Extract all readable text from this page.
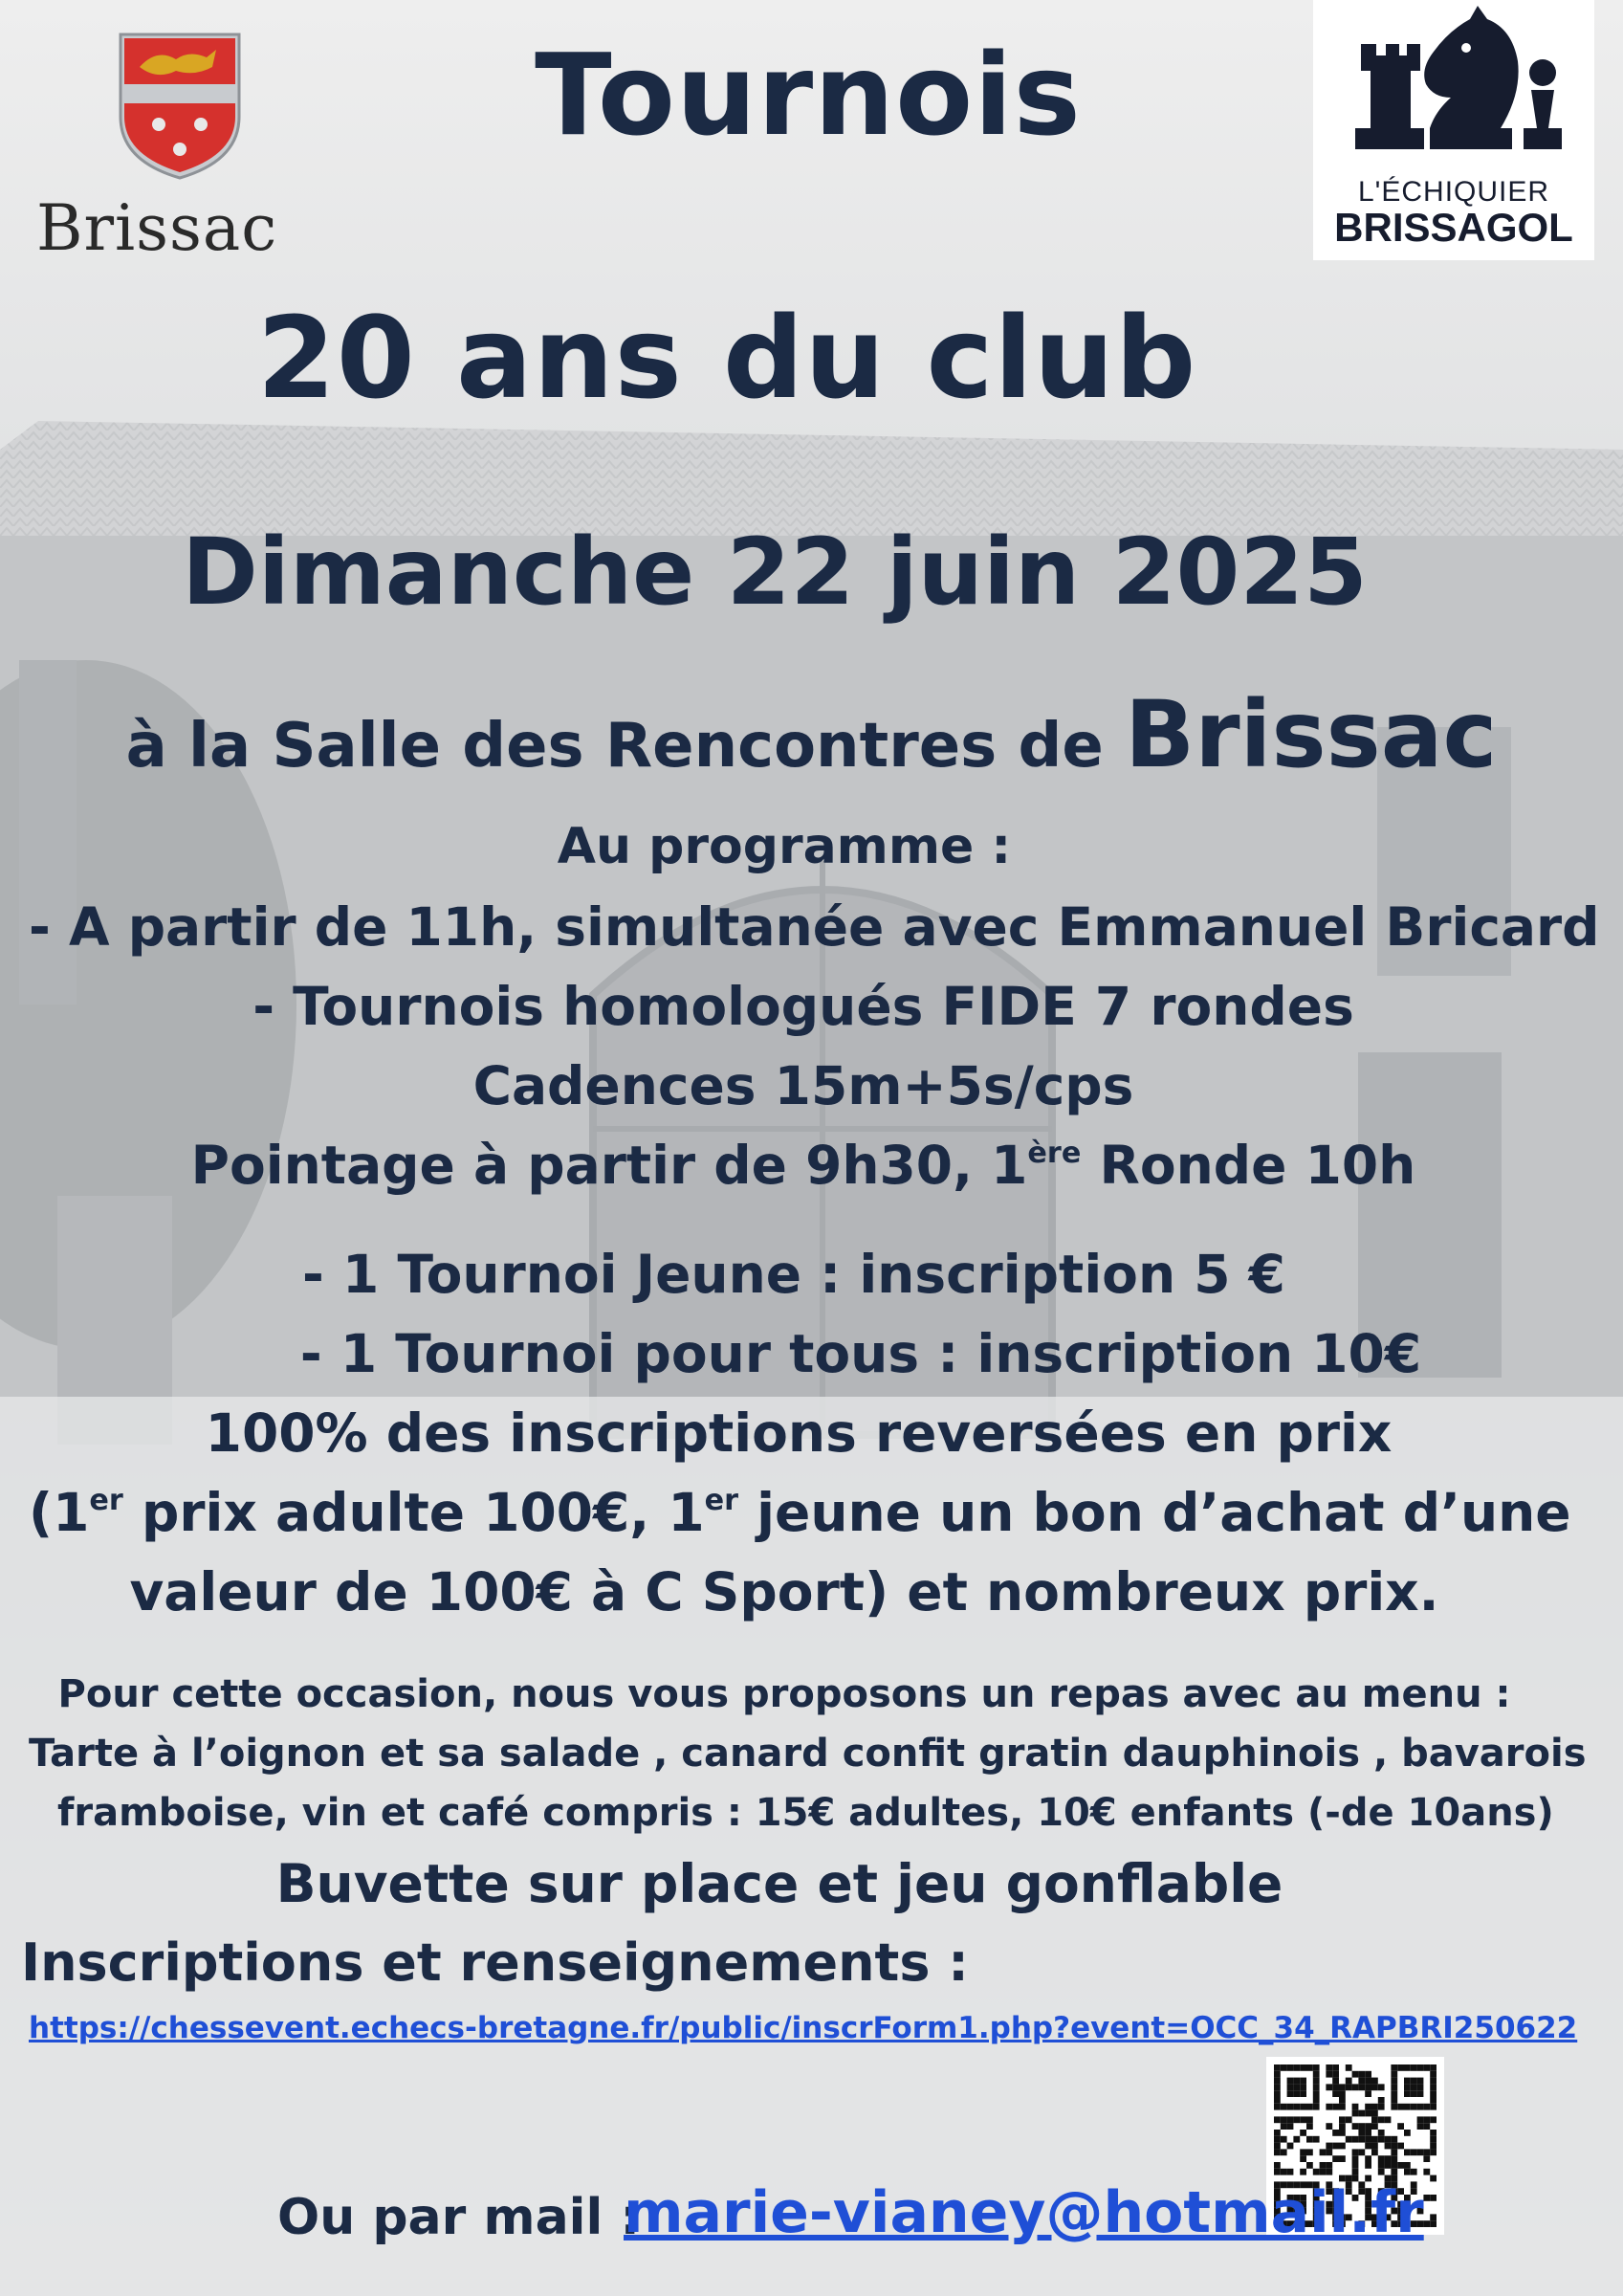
Brissac	L'ÉCHIQUIER
BRISSAGOL
Tournois
20 ans du club
Dimanche 22 juin 2025
à la Salle des Rencontres de Brissac
Au programme :
- A partir de 11h, simultanée avec Emmanuel Bricard
- Tournois homologués FIDE 7 rondes
Cadences 15m+5s/cps
Pointage à partir de 9h30, 1ère Ronde 10h
- 1 Tournoi Jeune : inscription 5 €
- 1 Tournoi pour tous : inscription 10€
100% des inscriptions reversées en prix
(1er prix adulte 100€, 1er jeune un bon d’achat d’une
valeur de 100€ à C Sport) et nombreux prix.
Pour cette occasion, nous vous proposons un repas avec au menu :
Tarte à l’oignon et sa salade , canard confit gratin dauphinois , bavarois
framboise, vin et café compris : 15€ adultes, 10€ enfants (-de 10ans)
Buvette sur place et jeu gonflable
Inscriptions et renseignements :
https://chessevent.echecs-bretagne.fr/public/inscrForm1.php?event=OCC_34_RAPBRI250622
Ou par mail :
marie-vianey@hotmail.fr
